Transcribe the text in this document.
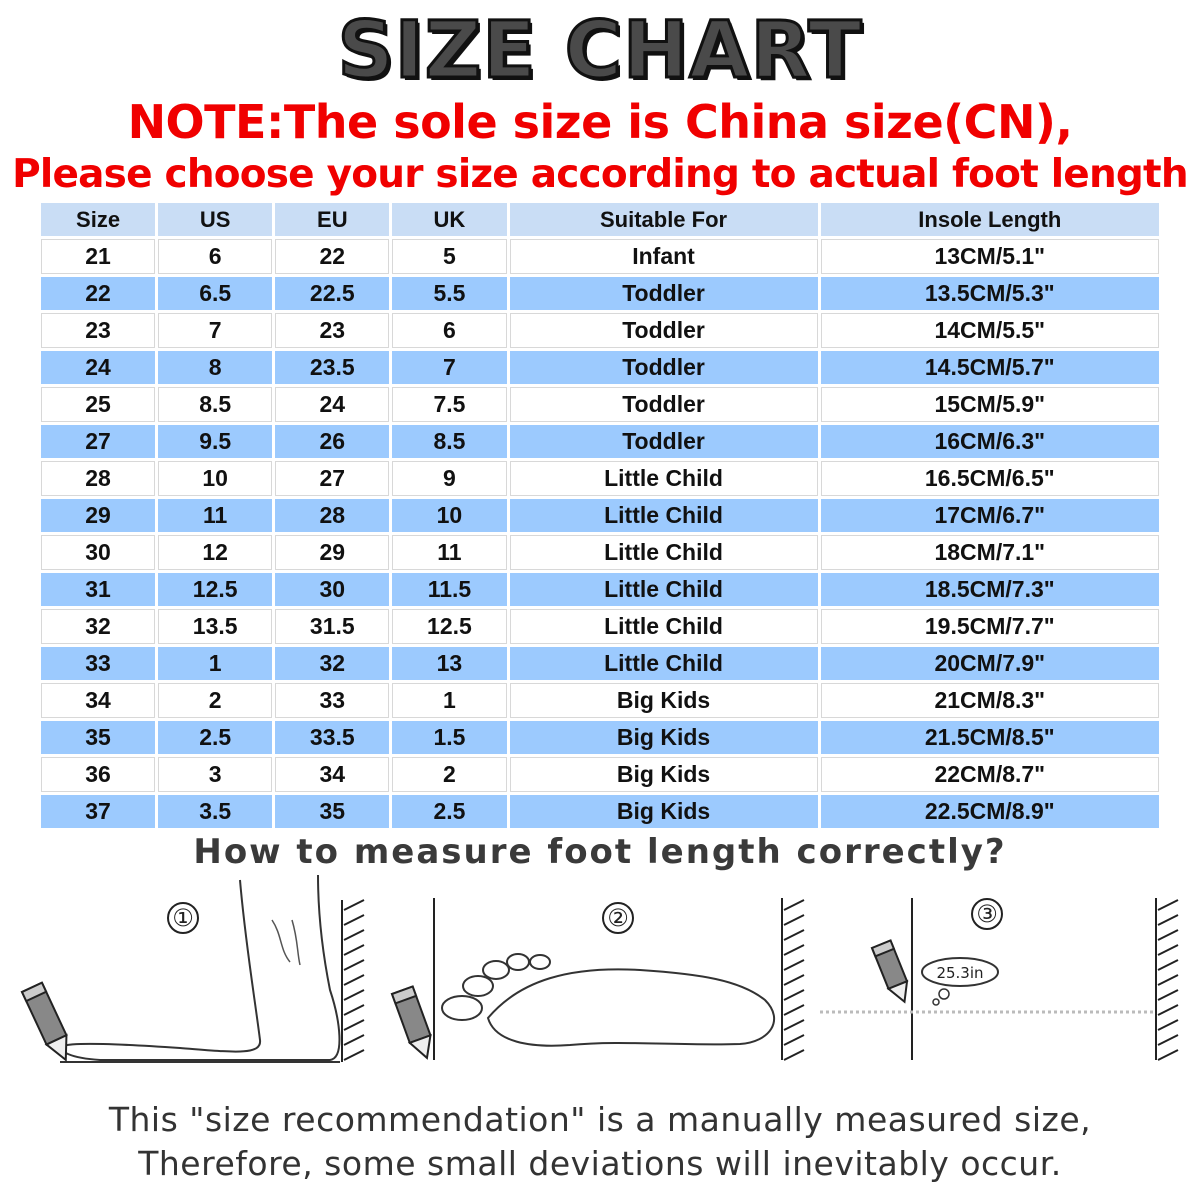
SIZE CHART
NOTE:The sole size is China size(CN),
Please choose your size according to actual foot length
Size	US	EU	UK	Suitable For	Insole Length
21	6	22	5	Infant	13CM/5.1"
22	6.5	22.5	5.5	Toddler	13.5CM/5.3"
23	7	23	6	Toddler	14CM/5.5"
24	8	23.5	7	Toddler	14.5CM/5.7"
25	8.5	24	7.5	Toddler	15CM/5.9"
27	9.5	26	8.5	Toddler	16CM/6.3"
28	10	27	9	Little Child	16.5CM/6.5"
29	11	28	10	Little Child	17CM/6.7"
30	12	29	11	Little Child	18CM/7.1"
31	12.5	30	11.5	Little Child	18.5CM/7.3"
32	13.5	31.5	12.5	Little Child	19.5CM/7.7"
33	1	32	13	Little Child	20CM/7.9"
34	2	33	1	Big Kids	21CM/8.3"
35	2.5	33.5	1.5	Big Kids	21.5CM/8.5"
36	3	34	2	Big Kids	22CM/8.7"
37	3.5	35	2.5	Big Kids	22.5CM/8.9"
How to measure foot length correctly?
①	②	③
25.3in
This "size recommendation" is a manually measured size,
Therefore, some small deviations will inevitably occur.
